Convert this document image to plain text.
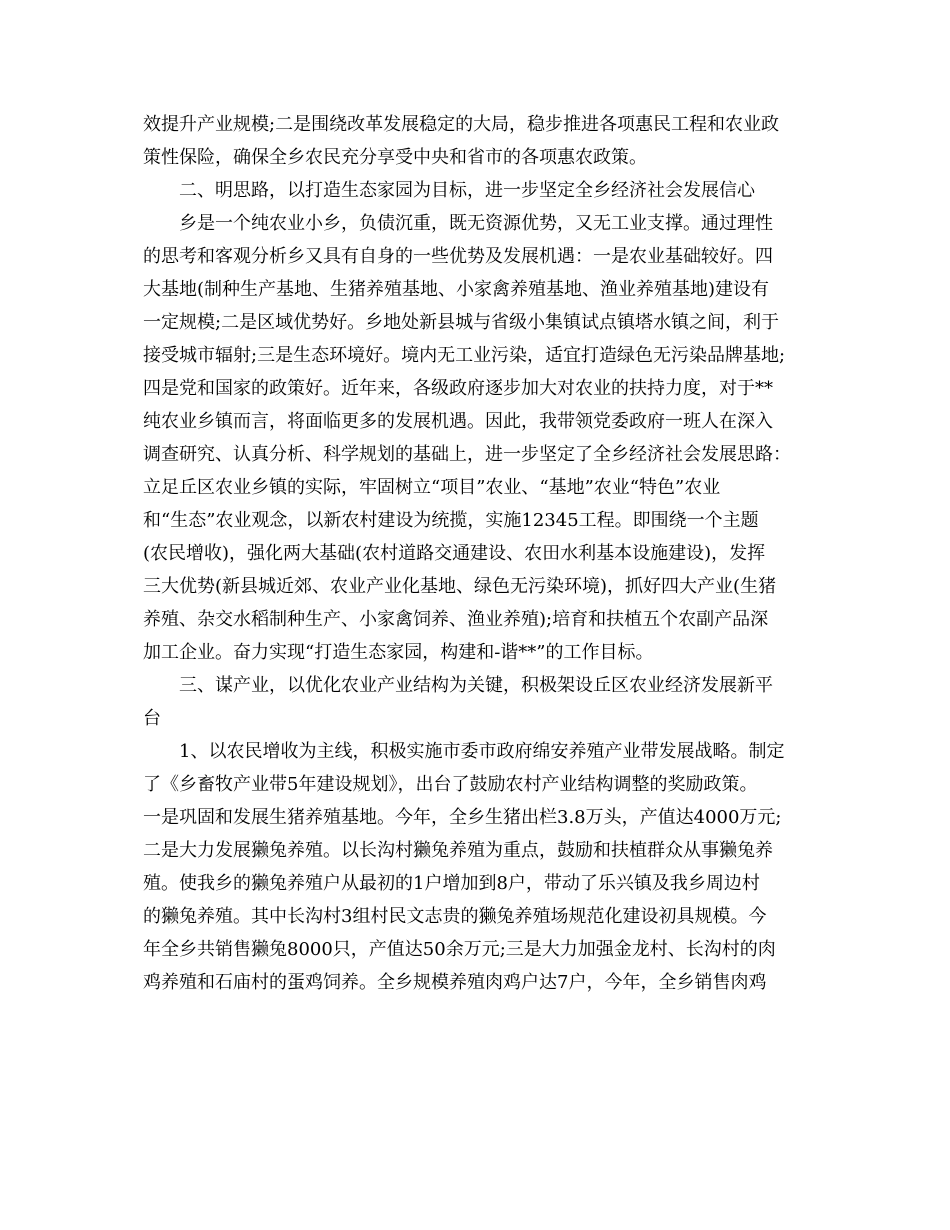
效提升产业规模;二是围绕改革发展稳定的大局，稳步推进各项惠民工程和农业政
策性保险，确保全乡农民充分享受中央和省市的各项惠农政策。
二、明思路，以打造生态家园为目标，进一步坚定全乡经济社会发展信心
乡是一个纯农业小乡，负债沉重，既无资源优势，又无工业支撑。通过理性
的思考和客观分析乡又具有自身的一些优势及发展机遇：一是农业基础较好。四
大基地(制种生产基地、生猪养殖基地、小家禽养殖基地、渔业养殖基地)建设有
一定规模;二是区域优势好。乡地处新县城与省级小集镇试点镇塔水镇之间，利于
接受城市辐射;三是生态环境好。境内无工业污染，适宜打造绿色无污染品牌基地;
四是党和国家的政策好。近年来，各级政府逐步加大对农业的扶持力度，对于**
纯农业乡镇而言，将面临更多的发展机遇。因此，我带领党委政府一班人在深入
调查研究、认真分析、科学规划的基础上，进一步坚定了全乡经济社会发展思路：
立足丘区农业乡镇的实际，牢固树立“项目”农业、“基地”农业“特色”农业
和“生态”农业观念，以新农村建设为统揽，实施12345工程。即围绕一个主题
(农民增收)，强化两大基础(农村道路交通建设、农田水利基本设施建设)，发挥
三大优势(新县城近郊、农业产业化基地、绿色无污染环境)，抓好四大产业(生猪
养殖、杂交水稻制种生产、小家禽饲养、渔业养殖);培育和扶植五个农副产品深
加工企业。奋力实现“打造生态家园，构建和-谐**”的工作目标。
三、谋产业，以优化农业产业结构为关键，积极架设丘区农业经济发展新平
台
1、以农民增收为主线，积极实施市委市政府绵安养殖产业带发展战略。制定
了《乡畜牧产业带5年建设规划》，出台了鼓励农村产业结构调整的奖励政策。
一是巩固和发展生猪养殖基地。今年，全乡生猪出栏3.8万头，产值达4000万元;
二是大力发展獭兔养殖。以长沟村獭兔养殖为重点，鼓励和扶植群众从事獭兔养
殖。使我乡的獭兔养殖户从最初的1户增加到8户，带动了乐兴镇及我乡周边村
的獭兔养殖。其中长沟村3组村民文志贵的獭兔养殖场规范化建设初具规模。今
年全乡共销售獭兔8000只，产值达50余万元;三是大力加强金龙村、长沟村的肉
鸡养殖和石庙村的蛋鸡饲养。全乡规模养殖肉鸡户达7户，今年，全乡销售肉鸡
